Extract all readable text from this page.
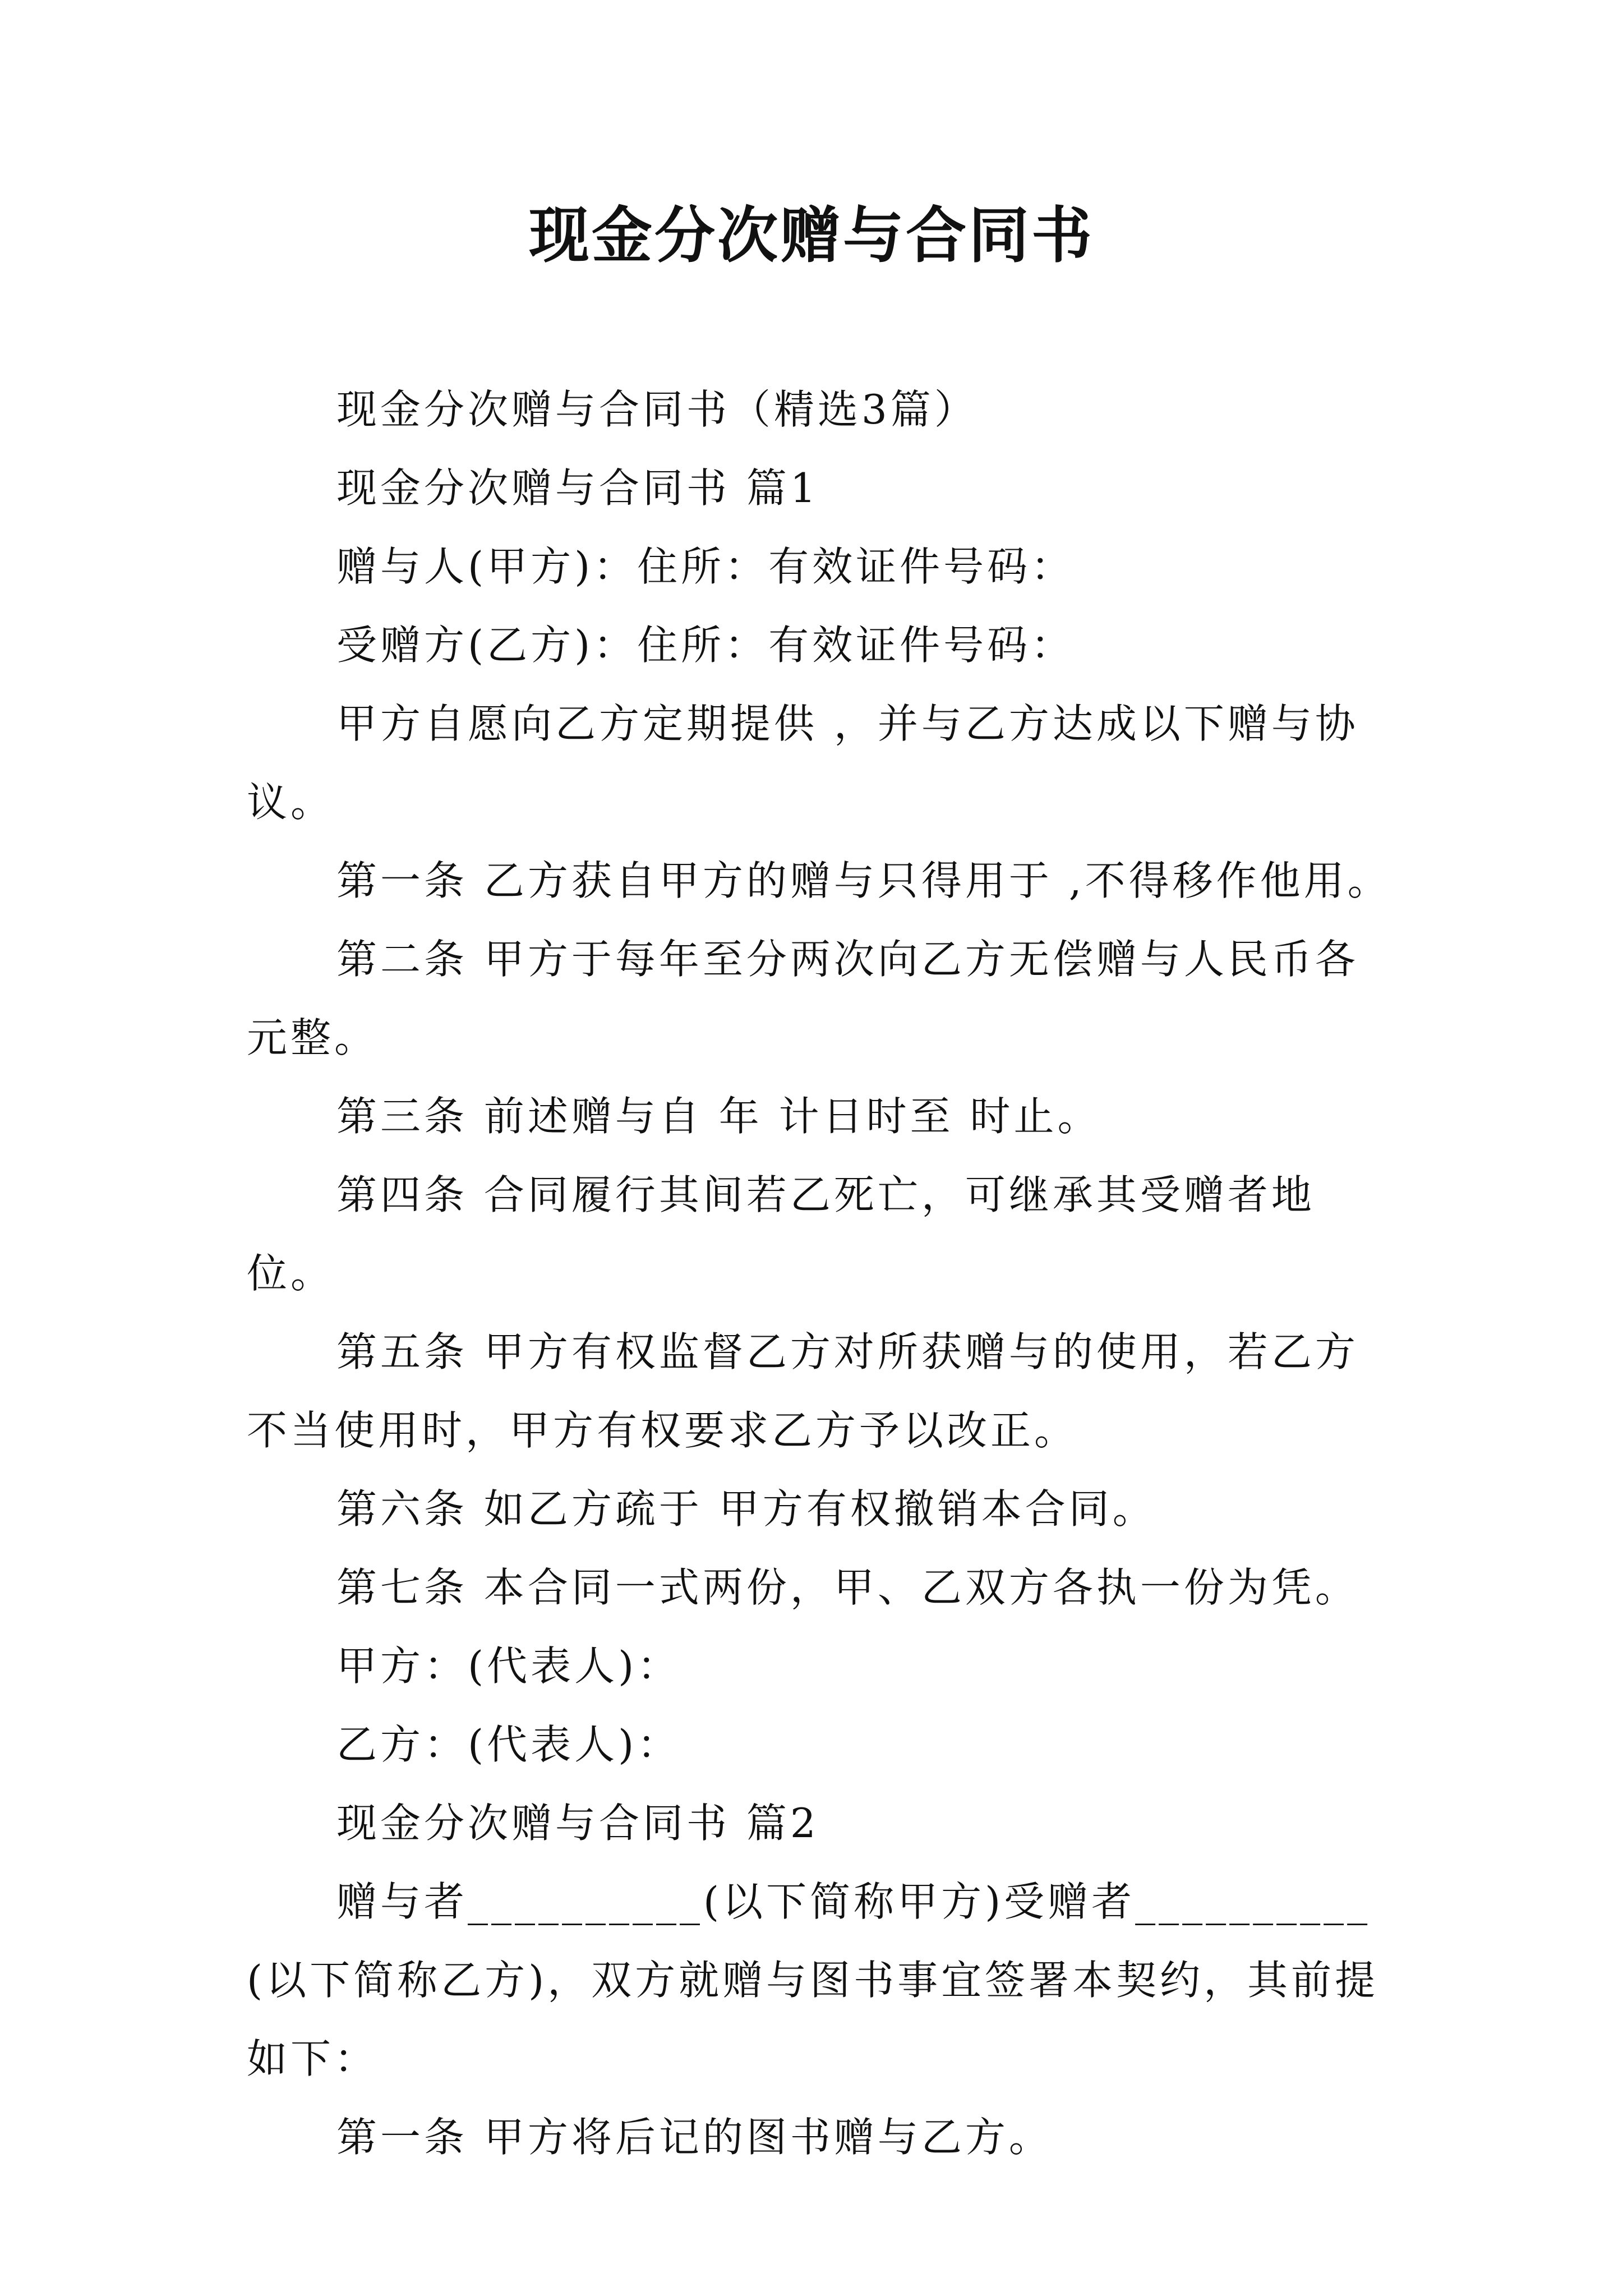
现金分次赠与合同书

现金分次赠与合同书（精选3篇）

现金分次赠与合同书 篇1

赠与人(甲方)：住所：有效证件号码：

受赠方(乙方)：住所：有效证件号码：

甲方自愿向乙方定期提供 ，并与乙方达成以下赠与协议。

第一条 乙方获自甲方的赠与只得用于 ,不得移作他用。

第二条 甲方于每年至分两次向乙方无偿赠与人民币各元整。

第三条 前述赠与自 年 计日时至 时止。

第四条 合同履行其间若乙死亡，可继承其受赠者地位。

第五条 甲方有权监督乙方对所获赠与的使用，若乙方不当使用时，甲方有权要求乙方予以改正。

第六条 如乙方疏于 甲方有权撤销本合同。

第七条 本合同一式两份，甲、乙双方各执一份为凭。

甲方：(代表人)：

乙方：(代表人)：

现金分次赠与合同书 篇2

赠与者__________(以下简称甲方)受赠者__________(以下简称乙方)，双方就赠与图书事宜签署本契约，其前提如下：

第一条 甲方将后记的图书赠与乙方。
